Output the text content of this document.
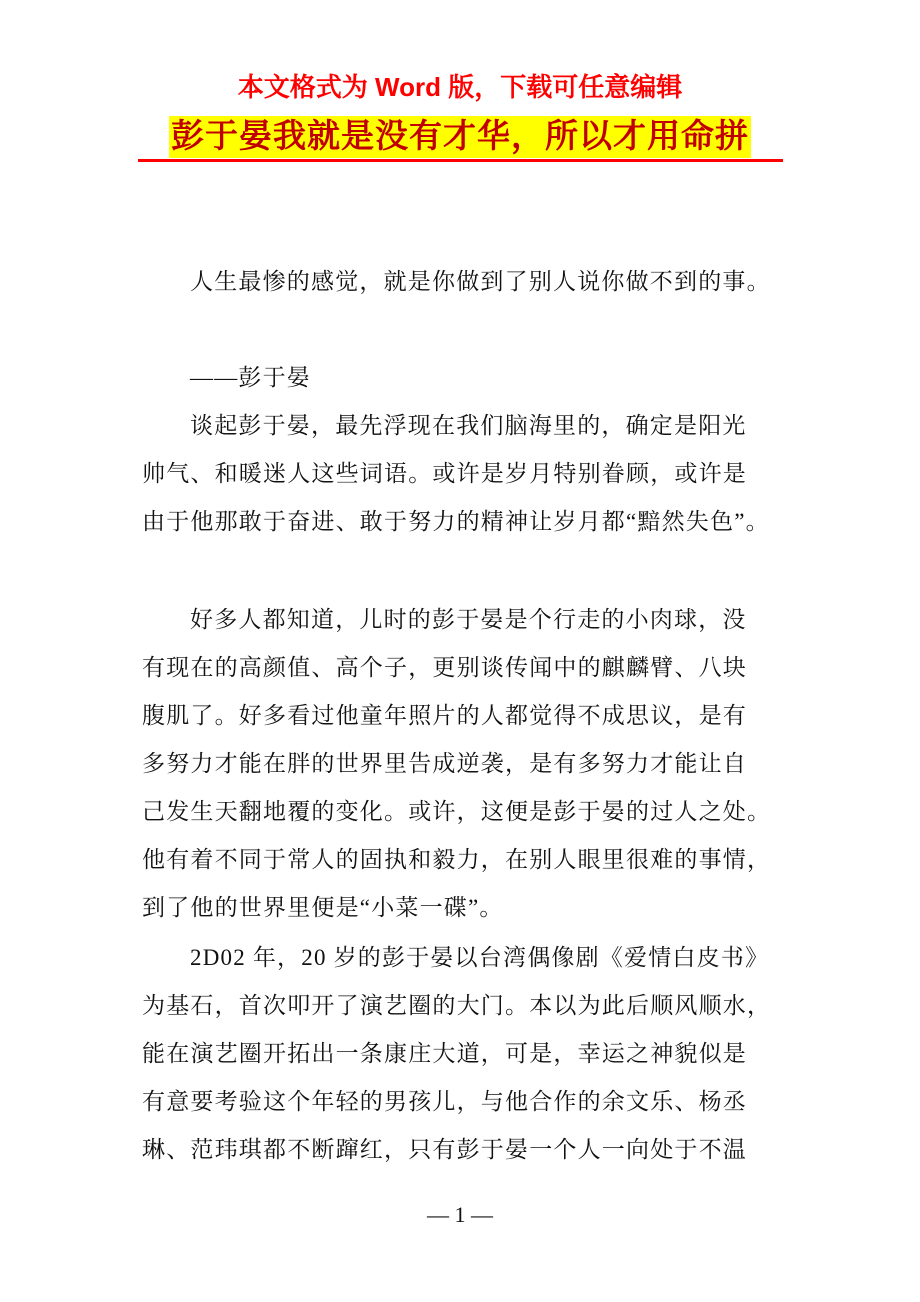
本文格式为 Word 版，下载可任意编辑
彭于晏我就是没有才华，所以才用命拼
人生最惨的感觉，就是你做到了别人说你做不到的事。
——彭于晏
谈起彭于晏，最先浮现在我们脑海里的，确定是阳光
帅气、和暖迷人这些词语。或许是岁月特别眷顾，或许是
由于他那敢于奋进、敢于努力的精神让岁月都“黯然失色”。
好多人都知道，儿时的彭于晏是个行走的小肉球，没
有现在的高颜值、高个子，更别谈传闻中的麒麟臂、八块
腹肌了。好多看过他童年照片的人都觉得不成思议，是有
多努力才能在胖的世界里告成逆袭，是有多努力才能让自
己发生天翻地覆的变化。或许，这便是彭于晏的过人之处。
他有着不同于常人的固执和毅力，在别人眼里很难的事情，
到了他的世界里便是“小菜一碟”。
2D02 年，20 岁的彭于晏以台湾偶像剧《爱情白皮书》
为基石，首次叩开了演艺圈的大门。本以为此后顺风顺水，
能在演艺圈开拓出一条康庄大道，可是，幸运之神貌似是
有意要考验这个年轻的男孩儿，与他合作的余文乐、杨丞
琳、范玮琪都不断蹿红，只有彭于晏一个人一向处于不温
— 1 —
